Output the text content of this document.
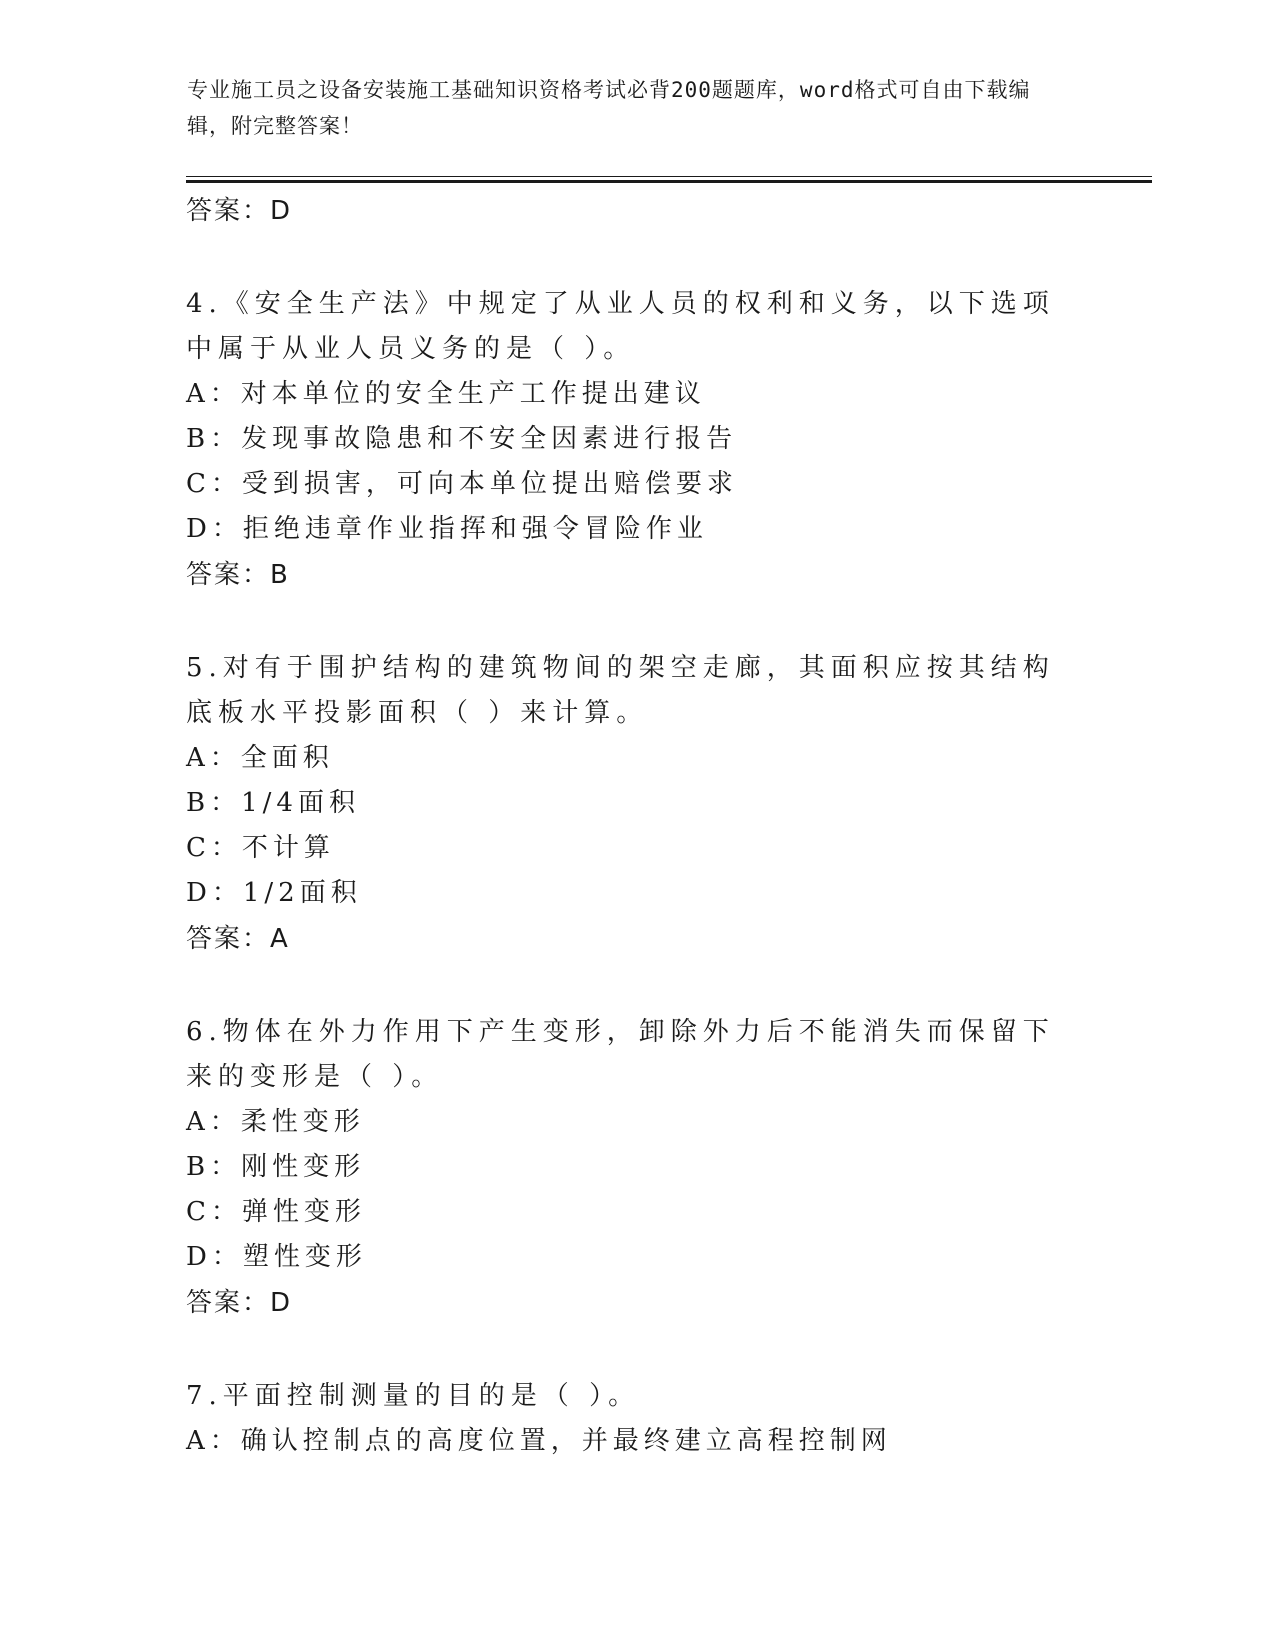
专业施工员之设备安装施工基础知识资格考试必背200题题库，word格式可自由下载编辑，附完整答案！
答案：D
4.《安全生产法》中规定了从业人员的权利和义务，以下选项中属于从业人员义务的是（ ）。
A：对本单位的安全生产工作提出建议
B：发现事故隐患和不安全因素进行报告
C：受到损害，可向本单位提出赔偿要求
D：拒绝违章作业指挥和强令冒险作业
答案：B
5.对有于围护结构的建筑物间的架空走廊，其面积应按其结构底板水平投影面积（ ）来计算。
A：全面积
B：1/4面积
C：不计算
D：1/2面积
答案：A
6.物体在外力作用下产生变形，卸除外力后不能消失而保留下来的变形是（ ）。
A：柔性变形
B：刚性变形
C：弹性变形
D：塑性变形
答案：D
7.平面控制测量的目的是（ ）。
A：确认控制点的高度位置，并最终建立高程控制网
